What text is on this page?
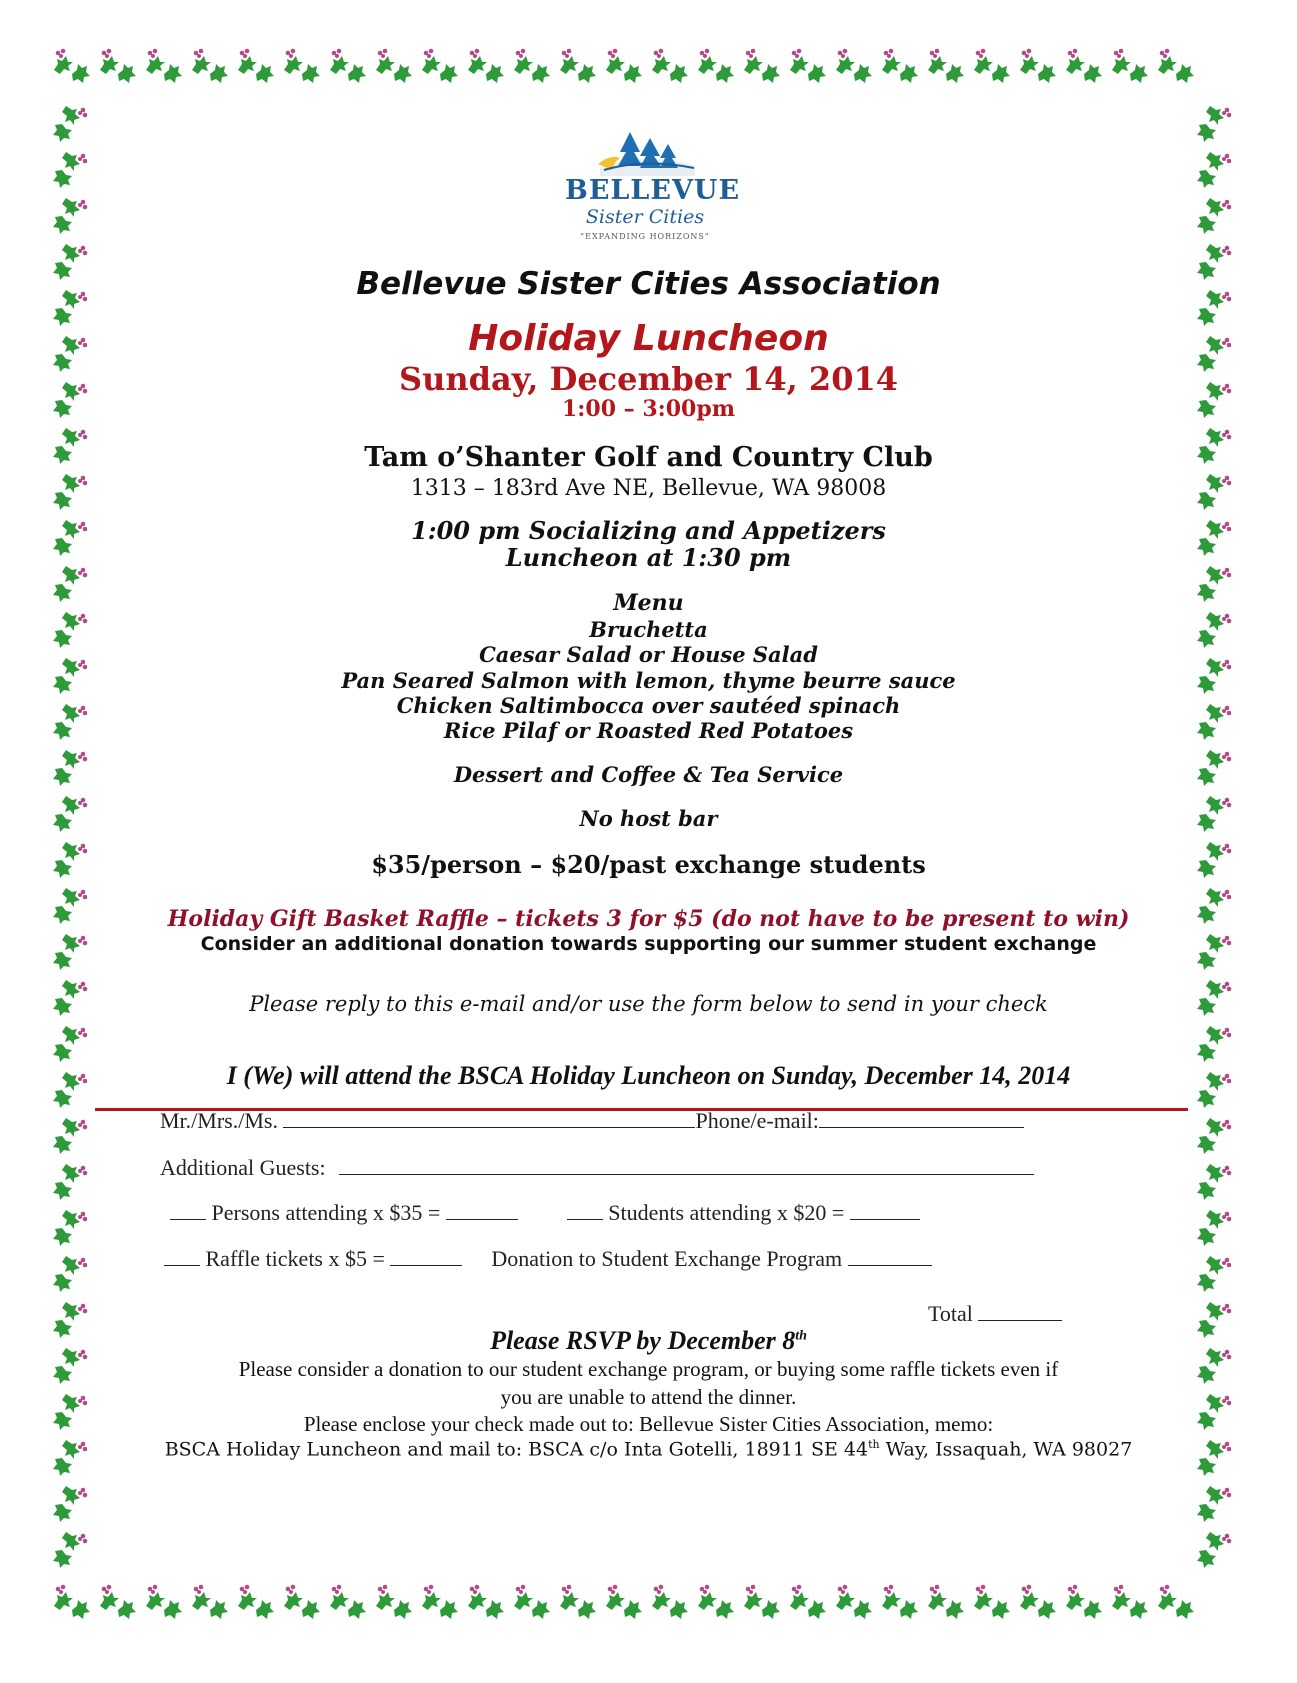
BELLEVUE
Sister Cities
"EXPANDING HORIZONS"
Bellevue Sister Cities Association
Holiday Luncheon
Sunday, December 14, 2014
1:00 – 3:00pm
Tam o’Shanter Golf and Country Club
1313 – 183rd Ave NE, Bellevue, WA 98008
1:00 pm Socializing and Appetizers
Luncheon at 1:30 pm
Menu
Bruchetta
Caesar Salad or House Salad
Pan Seared Salmon with lemon, thyme beurre sauce
Chicken Saltimbocca over sautéed spinach
Rice Pilaf or Roasted Red Potatoes
Dessert and Coffee & Tea Service
No host bar
$35/person – $20/past exchange students
Holiday Gift Basket Raffle – tickets 3 for $5 (do not have to be present to win)
Consider an additional donation towards supporting our summer student exchange
Please reply to this e-mail and/or use the form below to send in your check
I (We) will attend the BSCA Holiday Luncheon on Sunday, December 14, 2014
Mr./Mrs./Ms.	Phone/e-mail:
Additional Guests:
Persons attending x $35 =	Students attending x $20 =
Raffle tickets x $5 =	Donation to Student Exchange Program
Total
Please RSVP by December 8th
Please consider a donation to our student exchange program, or buying some raffle tickets even if
you are unable to attend the dinner.
Please enclose your check made out to: Bellevue Sister Cities Association, memo:
BSCA Holiday Luncheon and mail to: BSCA c/o Inta Gotelli, 18911 SE 44th Way, Issaquah, WA 98027
